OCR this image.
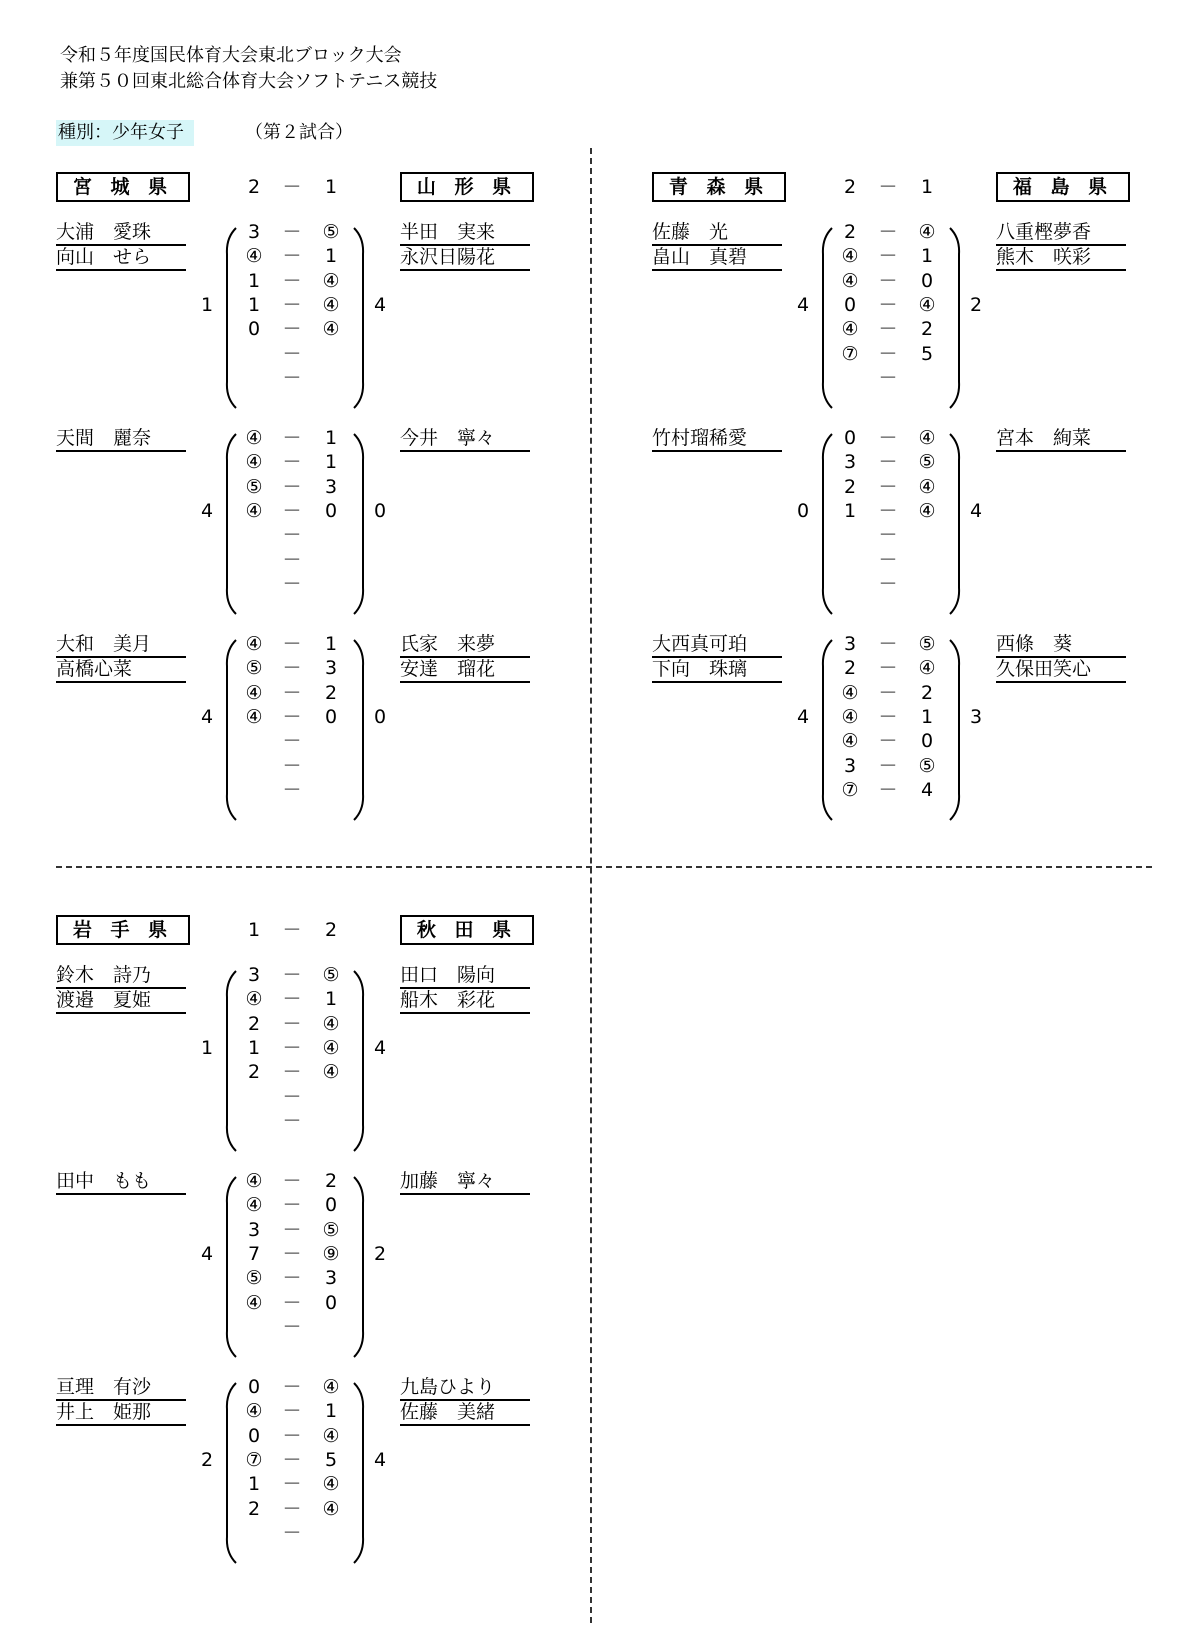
令和５年度国民体育大会東北ブロック大会
兼第５０回東北総合体育大会ソフトテニス競技
種別：少年女子	（第２試合）
宮 城 県	山 形 県
2 － 1
大浦　愛珠
向山　せら
半田　実来
永沢日陽花
3	－	⑤
④	－	1
1	－	④
1	－	④
0	－	④
－
－
1	4
天間　麗奈	今井　寧々
④	－	1
④	－	1
⑤	－	3
④	－	0
－
－
－
4	0
大和　美月
高橋心菜
氏家　来夢
安達　瑠花
④	－	1
⑤	－	3
④	－	2
④	－	0
－
－
－
4	0
青 森 県	福 島 県
2 － 1
佐藤　光
畠山　真碧
八重樫夢香
熊木　咲彩
2	－	④
④	－	1
④	－	0
0	－	④
④	－	2
⑦	－	5
－
4	2
竹村瑠稀愛	宮本　絢菜
0	－	④
3	－	⑤
2	－	④
1	－	④
－
－
－
0	4
大西真可珀
下向　珠璃
西條　葵
久保田笑心
3	－	⑤
2	－	④
④	－	2
④	－	1
④	－	0
3	－	⑤
⑦	－	4
4	3
岩 手 県	秋 田 県
1 － 2
鈴木　詩乃
渡邉　夏姫
田口　陽向
船木　彩花
3	－	⑤
④	－	1
2	－	④
1	－	④
2	－	④
－
－
1	4
田中　もも	加藤　寧々
④	－	2
④	－	0
3	－	⑤
7	－	⑨
⑤	－	3
④	－	0
－
4	2
亘理　有沙
井上　姫那
九島ひより
佐藤　美緒
0	－	④
④	－	1
0	－	④
⑦	－	5
1	－	④
2	－	④
－
2	4
